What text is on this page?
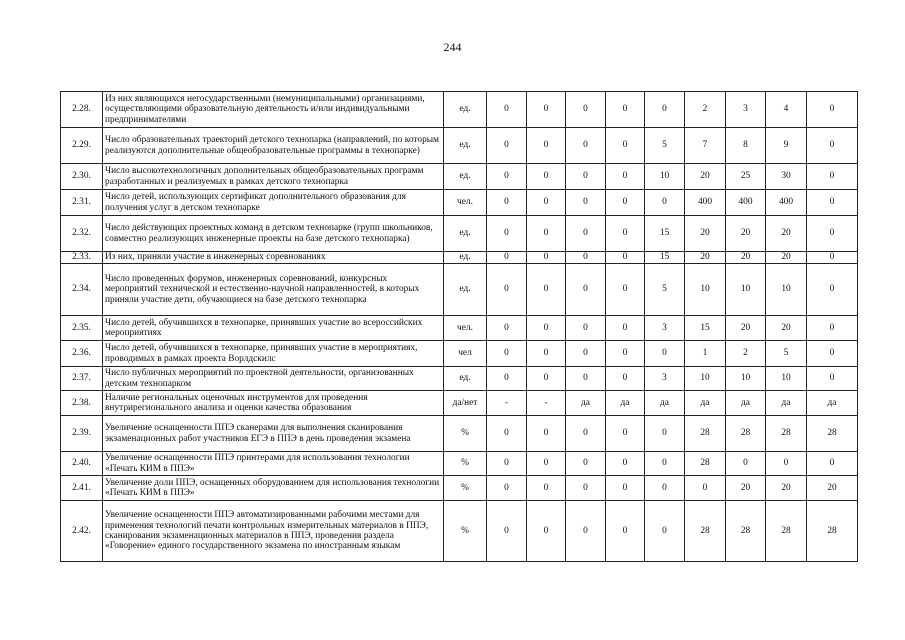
244
2.28.	Из них являющихся негосударственными (немуниципальными) организациями, осуществляющими образовательную деятельность и/или индивидуальными предпринимателями	ед.	0	0	0	0	0	2	3	4	0
2.29.	Число образовательных траекторий детского технопарка (направлений, по которым реализуются дополнительные общеобразовательные программы в технопарке)	ед.	0	0	0	0	5	7	8	9	0
2.30.	Число высокотехнологичных дополнительных общеобразовательных программ разработанных и реализуемых в рамках детского технопарка	ед.	0	0	0	0	10	20	25	30	0
2.31.	Число детей, использующих сертификат дополнительного образования для получения услуг в детском технопарке	чел.	0	0	0	0	0	400	400	400	0
2.32.	Число действующих проектных команд в детском технопарке (групп школьников, совместно реализующих инженерные проекты на базе детского технопарка)	ед.	0	0	0	0	15	20	20	20	0
2.33.	Из них, приняли участие в инженерных соревнованиях	ед.	0	0	0	0	15	20	20	20	0
2.34.	Число проведенных форумов, инженерных соревнований, конкурсных мероприятий технической и естественно-научной направленностей, в которых приняли участие дети, обучающиеся на базе детского технопарка	ед.	0	0	0	0	5	10	10	10	0
2.35.	Число детей, обучившихся в технопарке, принявших участие во всероссийских мероприятиях	чел.	0	0	0	0	3	15	20	20	0
2.36.	Число детей, обучившихся в технопарке, принявших участие в мероприятиях, проводимых в рамках проекта Ворлдскилс	чел	0	0	0	0	0	1	2	5	0
2.37.	Число публичных мероприятий по проектной деятельности, организованных детским технопарком	ед.	0	0	0	0	3	10	10	10	0
2.38.	Наличие региональных оценочных инструментов для проведения внутрирегионального анализа и оценки качества образования	да/нет	-	-	да	да	да	да	да	да	да
2.39.	Увеличение оснащенности ППЭ сканерами для выполнения сканирования экзаменационных работ участников ЕГЭ в ППЭ в день проведения экзамена	%	0	0	0	0	0	28	28	28	28
2.40.	Увеличение оснащенности ППЭ принтерами для использования технологии «Печать КИМ в ППЭ»	%	0	0	0	0	0	28	0	0	0
2.41.	Увеличение доли ППЭ, оснащенных оборудованием для использования технологии «Печать КИМ в ППЭ»	%	0	0	0	0	0	0	20	20	20
2.42.	Увеличение оснащенности ППЭ автоматизированными рабочими местами для применения технологий печати контрольных измерительных материалов в ППЭ, сканирования экзаменационных материалов в ППЭ, проведения раздела «Говорение» единого государственного экзамена по иностранным языкам	%	0	0	0	0	0	28	28	28	28
